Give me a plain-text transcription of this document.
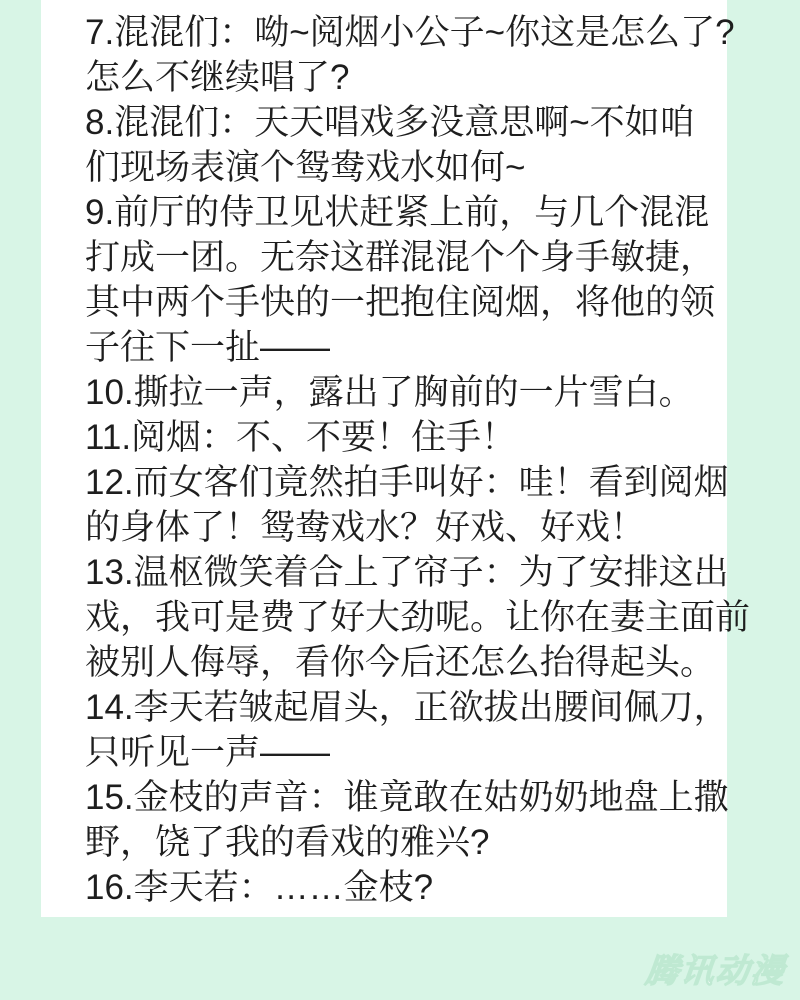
7.混混们：呦~阅烟小公子~你这是怎么了?
怎么不继续唱了?
8.混混们：天天唱戏多没意思啊~不如咱
们现场表演个鸳鸯戏水如何~
9.前厅的侍卫见状赶紧上前，与几个混混
打成一团。无奈这群混混个个身手敏捷，
其中两个手快的一把抱住阅烟，将他的领
子往下一扯——
10.撕拉一声，露出了胸前的一片雪白。
11.阅烟：不、不要！住手！
12.而女客们竟然拍手叫好：哇！看到阅烟
的身体了！鸳鸯戏水？好戏、好戏！
13.温枢微笑着合上了帘子：为了安排这出
戏，我可是费了好大劲呢。让你在妻主面前
被别人侮辱，看你今后还怎么抬得起头。
14.李天若皱起眉头，正欲拔出腰间佩刀，
只听见一声——
15.金枝的声音：谁竟敢在姑奶奶地盘上撒
野，饶了我的看戏的雅兴?
16.李天若：……金枝?
腾讯动漫
